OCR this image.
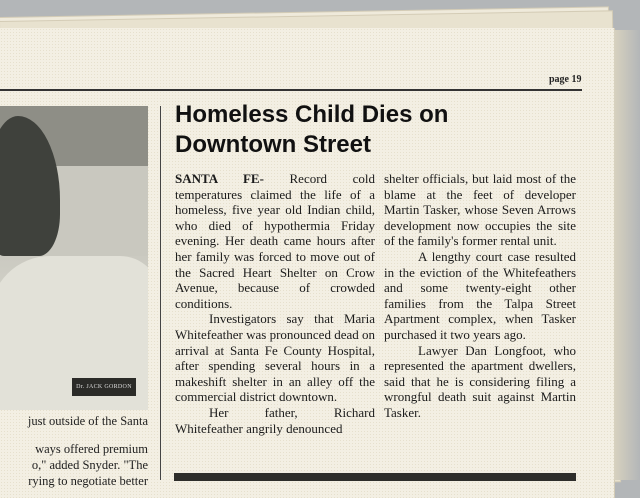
page 19
Dr. JACK GORDON
just outside of the Santa
ways offered premium
o," added Snyder. "The
rying to negotiate better
Homeless Child Dies on
Downtown Street

SANTA FE- Record cold temperatures claimed the life of a homeless, five year old Indian child, who died of hypothermia Friday evening. Her death came hours after her family was forced to move out of the Sacred Heart Shelter on Crow Avenue, because of crowded conditions.

Investigators say that Maria Whitefeather was pronounced dead on arrival at Santa Fe County Hospital, after spending several hours in a makeshift shelter in an alley off the commercial district downtown.

Her father, Richard Whitefeather angrily denounced

shelter officials, but laid most of the blame at the feet of developer Martin Tasker, whose Seven Arrows development now occupies the site of the family's former rental unit.

A lengthy court case resulted in the eviction of the Whitefeathers and some twenty-eight other families from the Talpa Street Apartment complex, when Tasker purchased it two years ago.

Lawyer Dan Longfoot, who represented the apartment dwellers, said that he is considering filing a wrongful death suit against Martin Tasker.
